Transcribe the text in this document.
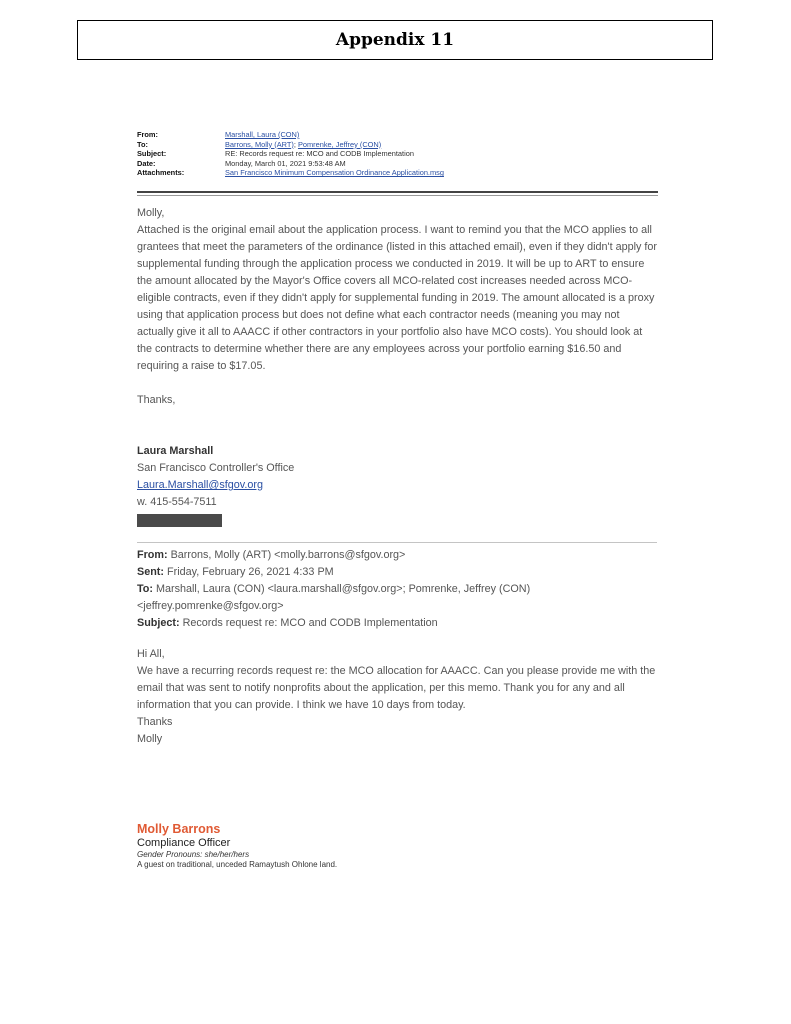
Appendix 11
From:	Marshall, Laura (CON)
To:	Barrons, Molly (ART); Pomrenke, Jeffrey (CON)
Subject:	RE: Records request re: MCO and CODB Implementation
Date:	Monday, March 01, 2021 9:53:48 AM
Attachments:	San Francisco Minimum Compensation Ordinance Application.msg

Molly,

Attached is the original email about the application process. I want to remind you that the MCO applies to all grantees that meet the parameters of the ordinance (listed in this attached email), even if they didn't apply for supplemental funding through the application process we conducted in 2019. It will be up to ART to ensure the amount allocated by the Mayor's Office covers all MCO-related cost increases needed across MCO-eligible contracts, even if they didn't apply for supplemental funding in 2019. The amount allocated is a proxy using that application process but does not define what each contractor needs (meaning you may not actually give it all to AAACC if other contractors in your portfolio also have MCO costs). You should look at the contracts to determine whether there are any employees across your portfolio earning $16.50 and requiring a raise to $17.05.

Thanks,

Laura Marshall
San Francisco Controller's Office
Laura.Marshall@sfgov.org
w. 415-554-7511
From: Barrons, Molly (ART) <molly.barrons@sfgov.org>
Sent: Friday, February 26, 2021 4:33 PM
To: Marshall, Laura (CON) <laura.marshall@sfgov.org>; Pomrenke, Jeffrey (CON) <jeffrey.pomrenke@sfgov.org>
Subject: Records request re: MCO and CODB Implementation
Hi All,
We have a recurring records request re: the MCO allocation for AAACC. Can you please provide me with the email that was sent to notify nonprofits about the application, per this memo. Thank you for any and all information that you can provide. I think we have 10 days from today.
Thanks
Molly
Molly Barrons
Compliance Officer
Gender Pronouns: she/her/hers
A guest on traditional, unceded Ramaytush Ohlone land.
